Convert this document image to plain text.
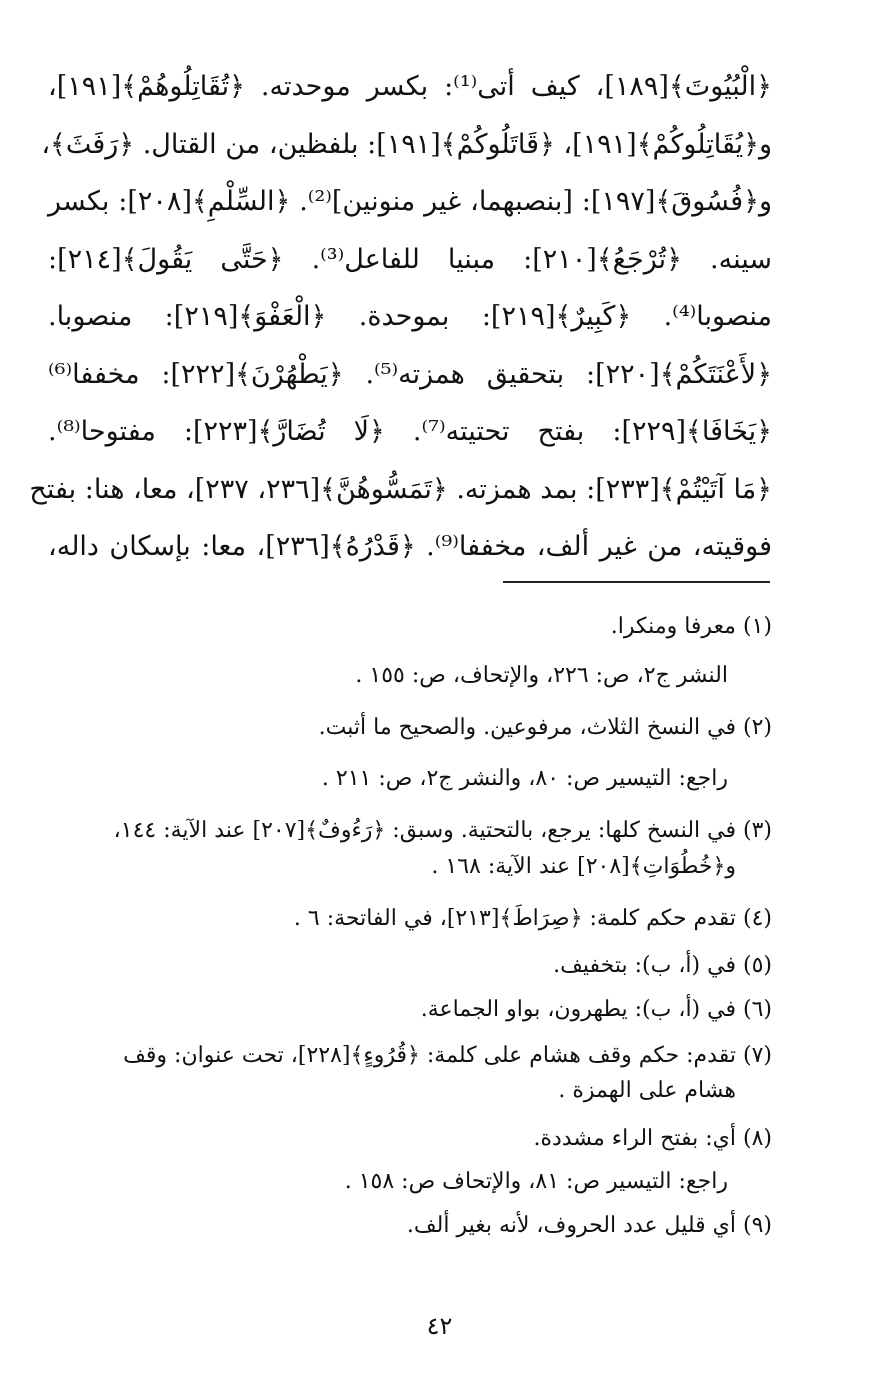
﴿الْبُيُوتَ﴾[١٨٩]، كيف أتى⁽¹⁾: بكسر موحدته. ﴿تُقَاتِلُوهُمْ﴾[١٩١]،
و﴿يُقَاتِلُوكُمْ﴾[١٩١]، ﴿قَاتَلُوكُمْ﴾[١٩١]: بلفظين، من القتال. ﴿رَفَثَ﴾،
و﴿فُسُوقَ﴾[١٩٧]: [بنصبهما، غير منونين]⁽²⁾. ﴿السِّلْمِ﴾[٢٠٨]: بكسر
سينه. ﴿تُرْجَعُ﴾[٢١٠]: مبنيا للفاعل⁽³⁾. ﴿حَتَّى يَقُولَ﴾[٢١٤]:
منصوبا⁽⁴⁾. ﴿كَبِيرٌ﴾[٢١٩]: بموحدة. ﴿الْعَفْوَ﴾[٢١٩]: منصوبا.
﴿لأَعْنَتَكُمْ﴾[٢٢٠]: بتحقيق همزته⁽⁵⁾. ﴿يَطْهُرْنَ﴾[٢٢٢]: مخففا⁽⁶⁾
﴿يَخَافَا﴾[٢٢٩]: بفتح تحتيته⁽⁷⁾. ﴿لَا تُضَارَّ﴾[٢٢٣]: مفتوحا⁽⁸⁾.
﴿مَا آتَيْتُمْ﴾[٢٣٣]: بمد همزته. ﴿تَمَسُّوهُنَّ﴾[٢٣٦، ٢٣٧]، معا، هنا: بفتح
فوقيته، من غير ألف، مخففا⁽⁹⁾. ﴿قَدْرُهُ﴾[٢٣٦]، معا: بإسكان داله،
(١) معرفا ومنكرا.
النشر ج٢، ص: ٢٢٦، والإتحاف، ص: ١٥٥ .
(٢) في النسخ الثلاث، مرفوعين. والصحيح ما أثبت.
راجع: التيسير ص: ٨٠، والنشر ج٢، ص: ٢١١ .
(٣) في النسخ كلها: يرجع، بالتحتية. وسبق: ﴿رَءُوفٌ﴾[٢٠٧] عند الآية: ١٤٤،
و﴿خُطُوَاتِ﴾[٢٠٨] عند الآية: ١٦٨ .
(٤) تقدم حكم كلمة: ﴿صِرَاطَ﴾[٢١٣]، في الفاتحة: ٦ .
(٥) في (أ، ب): بتخفيف.
(٦) في (أ، ب): يطهرون، بواو الجماعة.
(٧) تقدم: حكم وقف هشام على كلمة: ﴿قُرُوءٍ﴾[٢٢٨]، تحت عنوان: وقف
هشام على الهمزة .
(٨) أي: بفتح الراء مشددة.
راجع: التيسير ص: ٨١، والإتحاف ص: ١٥٨ .
(٩) أي قليل عدد الحروف، لأنه بغير ألف.
٤٢
